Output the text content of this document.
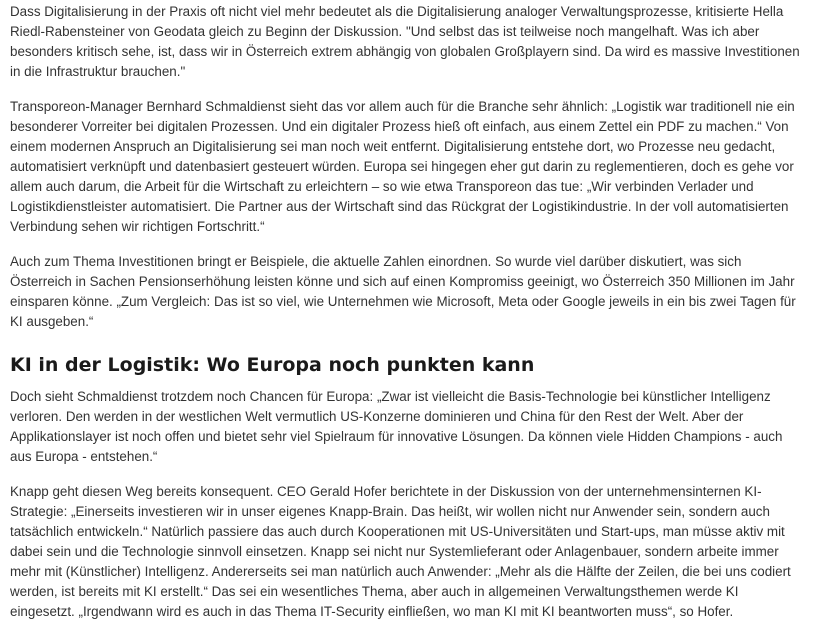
Dass Digitalisierung in der Praxis oft nicht viel mehr bedeutet als die Digitalisierung analoger Verwaltungsprozesse, kritisierte Hella Riedl-Rabensteiner von Geodata gleich zu Beginn der Diskussion. "Und selbst das ist teilweise noch mangelhaft. Was ich aber besonders kritisch sehe, ist, dass wir in Österreich extrem abhängig von globalen Großplayern sind. Da wird es massive Investitionen in die Infrastruktur brauchen."

Transporeon-Manager Bernhard Schmaldienst sieht das vor allem auch für die Branche sehr ähnlich: „Logistik war traditionell nie ein besonderer Vorreiter bei digitalen Prozessen. Und ein digitaler Prozess hieß oft einfach, aus einem Zettel ein PDF zu machen.“ Von einem modernen Anspruch an Digitalisierung sei man noch weit entfernt. Digitalisierung entstehe dort, wo Prozesse neu gedacht, automatisiert verknüpft und datenbasiert gesteuert würden. Europa sei hingegen eher gut darin zu reglementieren, doch es gehe vor allem auch darum, die Arbeit für die Wirtschaft zu erleichtern – so wie etwa Transporeon das tue: „Wir verbinden Verlader und Logistikdienstleister automatisiert. Die Partner aus der Wirtschaft sind das Rückgrat der Logistikindustrie. In der voll automatisierten Verbindung sehen wir richtigen Fortschritt.“

Auch zum Thema Investitionen bringt er Beispiele, die aktuelle Zahlen einordnen. So wurde viel darüber diskutiert, was sich Österreich in Sachen Pensionserhöhung leisten könne und sich auf einen Kompromiss geeinigt, wo Österreich 350 Millionen im Jahr einsparen könne. „Zum Vergleich: Das ist so viel, wie Unternehmen wie Microsoft, Meta oder Google jeweils in ein bis zwei Tagen für KI ausgeben.“

KI in der Logistik: Wo Europa noch punkten kann

Doch sieht Schmaldienst trotzdem noch Chancen für Europa: „Zwar ist vielleicht die Basis-Technologie bei künstlicher Intelligenz verloren. Den werden in der westlichen Welt vermutlich US-Konzerne dominieren und China für den Rest der Welt. Aber der Applikationslayer ist noch offen und bietet sehr viel Spielraum für innovative Lösungen. Da können viele Hidden Champions - auch aus Europa - entstehen.“

Knapp geht diesen Weg bereits konsequent. CEO Gerald Hofer berichtete in der Diskussion von der unternehmensinternen KI-Strategie: „Einerseits investieren wir in unser eigenes Knapp-Brain. Das heißt, wir wollen nicht nur Anwender sein, sondern auch tatsächlich entwickeln.“ Natürlich passiere das auch durch Kooperationen mit US-Universitäten und Start-ups, man müsse aktiv mit dabei sein und die Technologie sinnvoll einsetzen. Knapp sei nicht nur Systemlieferant oder Anlagenbauer, sondern arbeite immer mehr mit (Künstlicher) Intelligenz. Andererseits sei man natürlich auch Anwender: „Mehr als die Hälfte der Zeilen, die bei uns codiert werden, ist bereits mit KI erstellt.“ Das sei ein wesentliches Thema, aber auch in allgemeinen Verwaltungsthemen werde KI eingesetzt. „Irgendwann wird es auch in das Thema IT-Security einfließen, wo man KI mit KI beantworten muss“, so Hofer.
